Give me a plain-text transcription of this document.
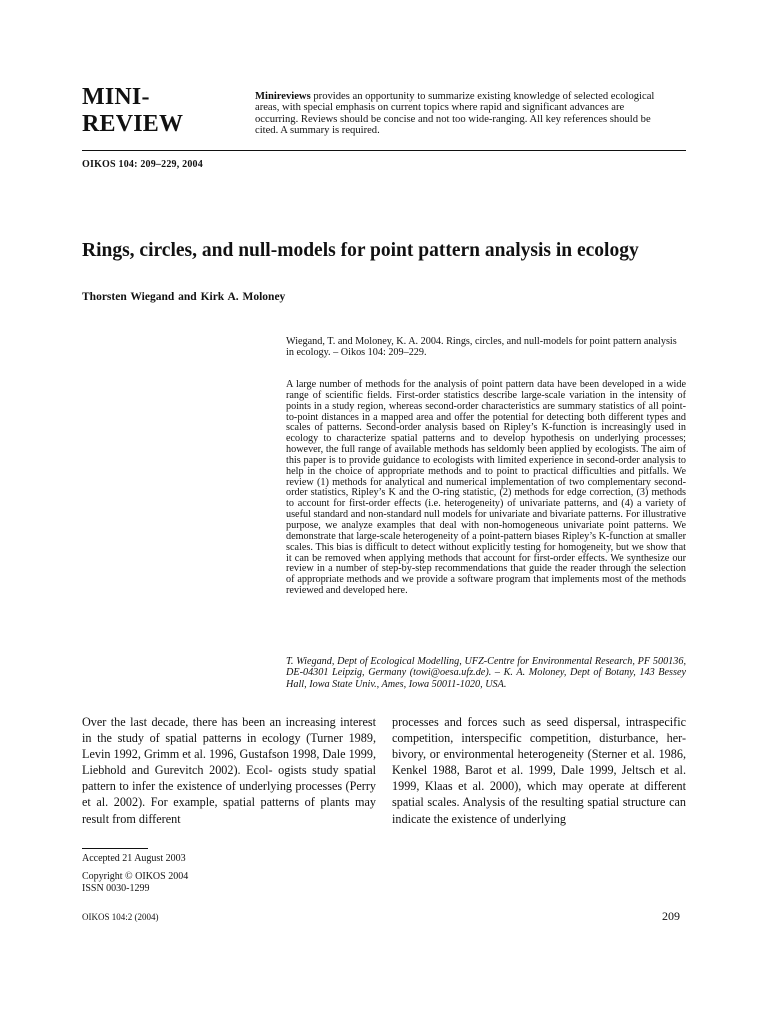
MINI-
REVIEW
Minireviews provides an opportunity to summarize existing knowledge of selected ecological areas, with special emphasis on current topics where rapid and significant advances are occurring. Reviews should be concise and not too wide-ranging. All key references should be cited. A summary is required.
OIKOS 104: 209–229, 2004
Rings, circles, and null-models for point pattern analysis in ecology
Thorsten Wiegand and Kirk A. Moloney
Wiegand, T. and Moloney, K. A. 2004. Rings, circles, and null-models for point pattern analysis in ecology. – Oikos 104: 209–229.
A large number of methods for the analysis of point pattern data have been developed in a wide range of scientific fields. First-order statistics describe large-scale variation in the intensity of points in a study region, whereas second-order characteristics are summary statistics of all point-to-point distances in a mapped area and offer the potential for detecting both different types and scales of patterns. Second-order analysis based on Ripley’s K-function is increasingly used in ecology to characterize spatial patterns and to develop hypothesis on underlying processes; however, the full range of available methods has seldomly been applied by ecologists. The aim of this paper is to provide guidance to ecologists with limited experience in second-order analysis to help in the choice of appropriate methods and to point to practical difficulties and pitfalls. We review (1) methods for analytical and numerical implementation of two complementary second-order statistics, Ripley’s K and the O-ring statistic, (2) methods for edge correction, (3) methods to account for first-order effects (i.e. heterogeneity) of univariate patterns, and (4) a variety of useful standard and non-standard null models for univariate and bivariate patterns. For illustrative purpose, we analyze examples that deal with non-homogeneous univariate point patterns. We demonstrate that large-scale heterogeneity of a point-pattern biases Ripley’s K-function at smaller scales. This bias is difficult to detect without explicitly testing for homogeneity, but we show that it can be removed when applying methods that account for first-order effects. We synthesize our review in a number of step-by-step recommendations that guide the reader through the selection of appropriate methods and we provide a software program that implements most of the methods reviewed and developed here.
T. Wiegand, Dept of Ecological Modelling, UFZ-Centre for Environmental Research, PF 500136, DE-04301 Leipzig, Germany (towi@oesa.ufz.de). – K. A. Moloney, Dept of Botany, 143 Bessey Hall, Iowa State Univ., Ames, Iowa 50011-1020, USA.
Over the last decade, there has been an increasing interest in the study of spatial patterns in ecology (Turner 1989, Levin 1992, Grimm et al. 1996, Gustafson 1998, Dale 1999, Liebhold and Gurevitch 2002). Ecol- ogists study spatial pattern to infer the existence of underlying processes (Perry et al. 2002). For example, spatial patterns of plants may result from different
processes and forces such as seed dispersal, intraspecific competition, interspecific competition, disturbance, her- bivory, or environmental heterogeneity (Sterner et al. 1986, Kenkel 1988, Barot et al. 1999, Dale 1999, Jeltsch et al. 1999, Klaas et al. 2000), which may operate at different spatial scales. Analysis of the resulting spatial structure can indicate the existence of underlying
Accepted 21 August 2003
Copyright © OIKOS 2004
ISSN 0030-1299
OIKOS 104:2 (2004)	209
